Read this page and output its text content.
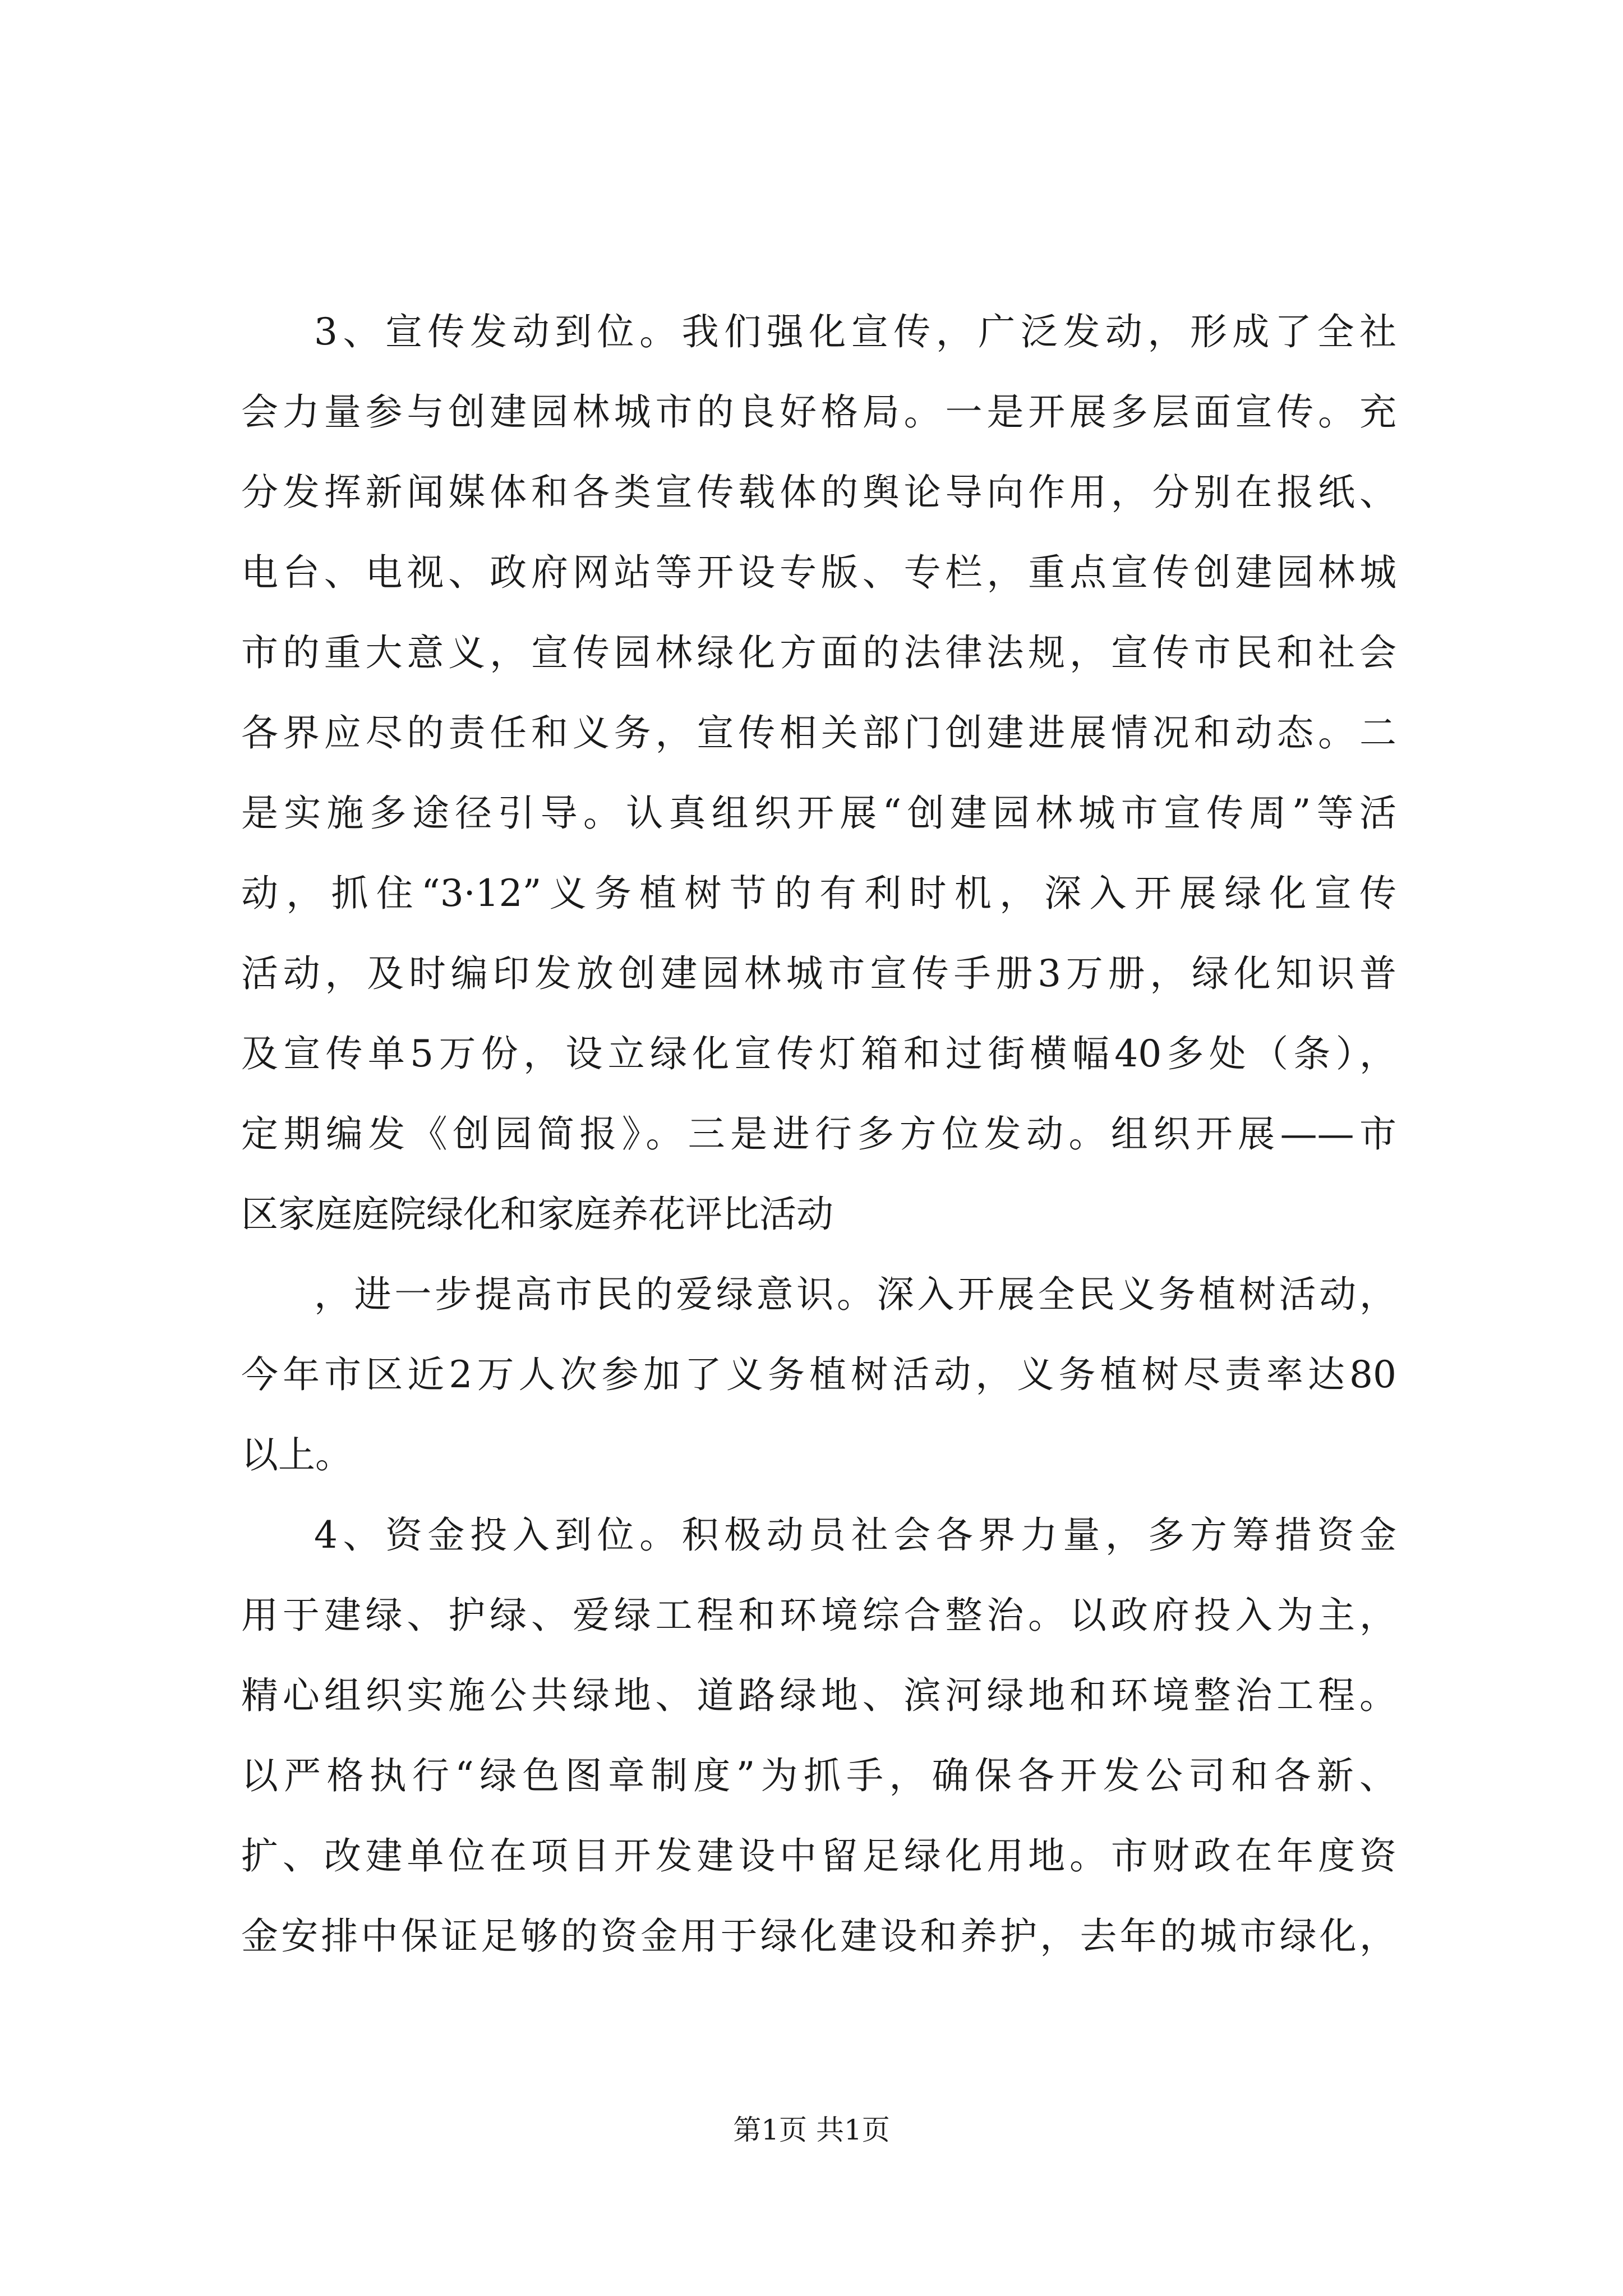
3、宣传发动到位。我们强化宣传，广泛发动，形成了全社
会力量参与创建园林城市的良好格局。一是开展多层面宣传。充
分发挥新闻媒体和各类宣传载体的舆论导向作用，分别在报纸、
电台、电视、政府网站等开设专版、专栏，重点宣传创建园林城
市的重大意义，宣传园林绿化方面的法律法规，宣传市民和社会
各界应尽的责任和义务，宣传相关部门创建进展情况和动态。二
是实施多途径引导。认真组织开展“创建园林城市宣传周”等活
动，抓住“3·12”义务植树节的有利时机，深入开展绿化宣传
活动，及时编印发放创建园林城市宣传手册3万册，绿化知识普
及宣传单5万份，设立绿化宣传灯箱和过街横幅40多处（条），
定期编发《创园简报》。三是进行多方位发动。组织开展——市
区家庭庭院绿化和家庭养花评比活动
，进一步提高市民的爱绿意识。深入开展全民义务植树活动，
今年市区近2万人次参加了义务植树活动，义务植树尽责率达80
以上。
4、资金投入到位。积极动员社会各界力量，多方筹措资金
用于建绿、护绿、爱绿工程和环境综合整治。以政府投入为主，
精心组织实施公共绿地、道路绿地、滨河绿地和环境整治工程。
以严格执行“绿色图章制度”为抓手，确保各开发公司和各新、
扩、改建单位在项目开发建设中留足绿化用地。市财政在年度资
金安排中保证足够的资金用于绿化建设和养护，去年的城市绿化，
第1页 共1页
